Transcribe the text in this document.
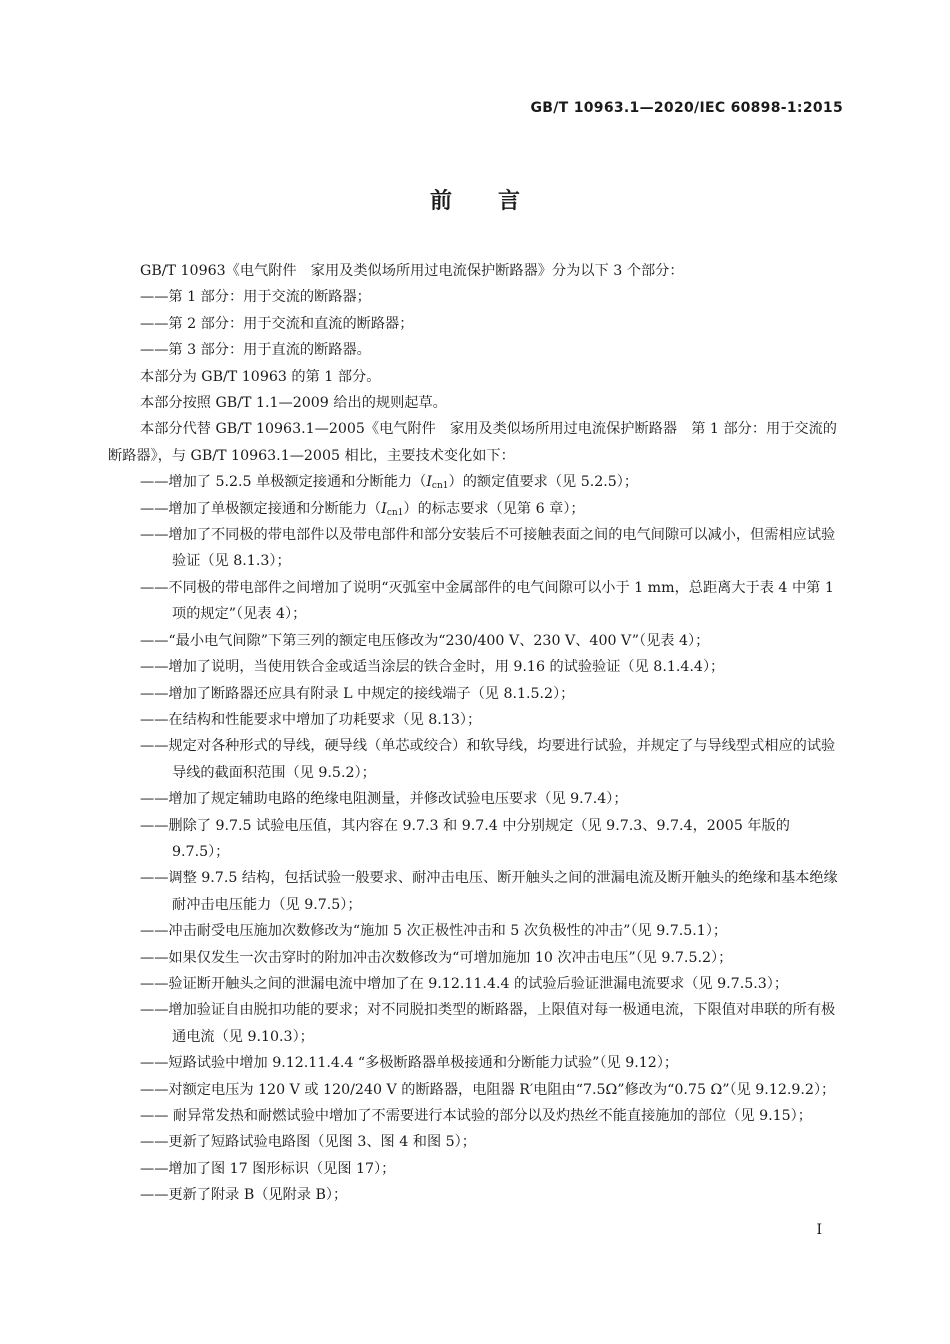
GB/T 10963.1—2020/IEC 60898-1:2015
前言

GB/T 10963《电气附件　家用及类似场所用过电流保护断路器》分为以下 3 个部分：

——第 1 部分：用于交流的断路器；

——第 2 部分：用于交流和直流的断路器；

——第 3 部分：用于直流的断路器。

本部分为 GB/T 10963 的第 1 部分。

本部分按照 GB/T 1.1—2009 给出的规则起草。

本部分代替 GB/T 10963.1—2005《电气附件　家用及类似场所用过电流保护断路器　第 1 部分：用于交流的断路器》，与 GB/T 10963.1—2005 相比，主要技术变化如下：

——增加了 5.2.5 单极额定接通和分断能力$(I_{cn1})$的额定值要求（见 5.2.5）；

——增加了单极额定接通和分断能力$(I_{cn1})$的标志要求（见第 6 章）；

——增加了不同极的带电部件以及带电部件和部分安装后不可接触表面之间的电气间隙可以减小，但需相应试验验证（见 8.1.3）；

——不同极的带电部件之间增加了说明“灭弧室中金属部件的电气间隙可以小于 1 mm，总距离大于表 4 中第 1 项的规定”（见表 4）；

——“最小电气间隙”下第三列的额定电压修改为“230/400 V、230 V、400 V”（见表 4）；

——增加了说明，当使用铁合金或适当涂层的铁合金时，用 9.16 的试验验证（见 8.1.4.4）；

——增加了断路器还应具有附录 L 中规定的接线端子（见 8.1.5.2）；

——在结构和性能要求中增加了功耗要求（见 8.13）；

——规定对各种形式的导线，硬导线（单芯或绞合）和软导线，均要进行试验，并规定了与导线型式相应的试验导线的截面积范围（见 9.5.2）；

——增加了规定辅助电路的绝缘电阻测量，并修改试验电压要求（见 9.7.4）；

——删除了 9.7.5 试验电压值，其内容在 9.7.3 和 9.7.4 中分别规定（见 9.7.3、9.7.4，2005 年版的 9.7.5）；

——调整 9.7.5 结构，包括试验一般要求、耐冲击电压、断开触头之间的泄漏电流及断开触头的绝缘和基本绝缘耐冲击电压能力（见 9.7.5）；

——冲击耐受电压施加次数修改为“施加 5 次正极性冲击和 5 次负极性的冲击”（见 9.7.5.1）；

——如果仅发生一次击穿时的附加冲击次数修改为“可增加施加 10 次冲击电压”（见 9.7.5.2）；

——验证断开触头之间的泄漏电流中增加了在 9.12.11.4.4 的试验后验证泄漏电流要求（见 9.7.5.3）；

——增加验证自由脱扣功能的要求；对不同脱扣类型的断路器，上限值对每一极通电流，下限值对串联的所有极通电流（见 9.10.3）；

——短路试验中增加 9.12.11.4.4 “多极断路器单极接通和分断能力试验”（见 9.12）；

——对额定电压为 120 V 或 120/240 V 的断路器，电阻器 R′电阻由“7.5Ω”修改为“0.75 Ω”（见 9.12.9.2）；

—— 耐异常发热和耐燃试验中增加了不需要进行本试验的部分以及灼热丝不能直接施加的部位（见 9.15）；

——更新了短路试验电路图（见图 3、图 4 和图 5）；

——增加了图 17 图形标识（见图 17）；

——更新了附录 B（见附录 B）；

I
